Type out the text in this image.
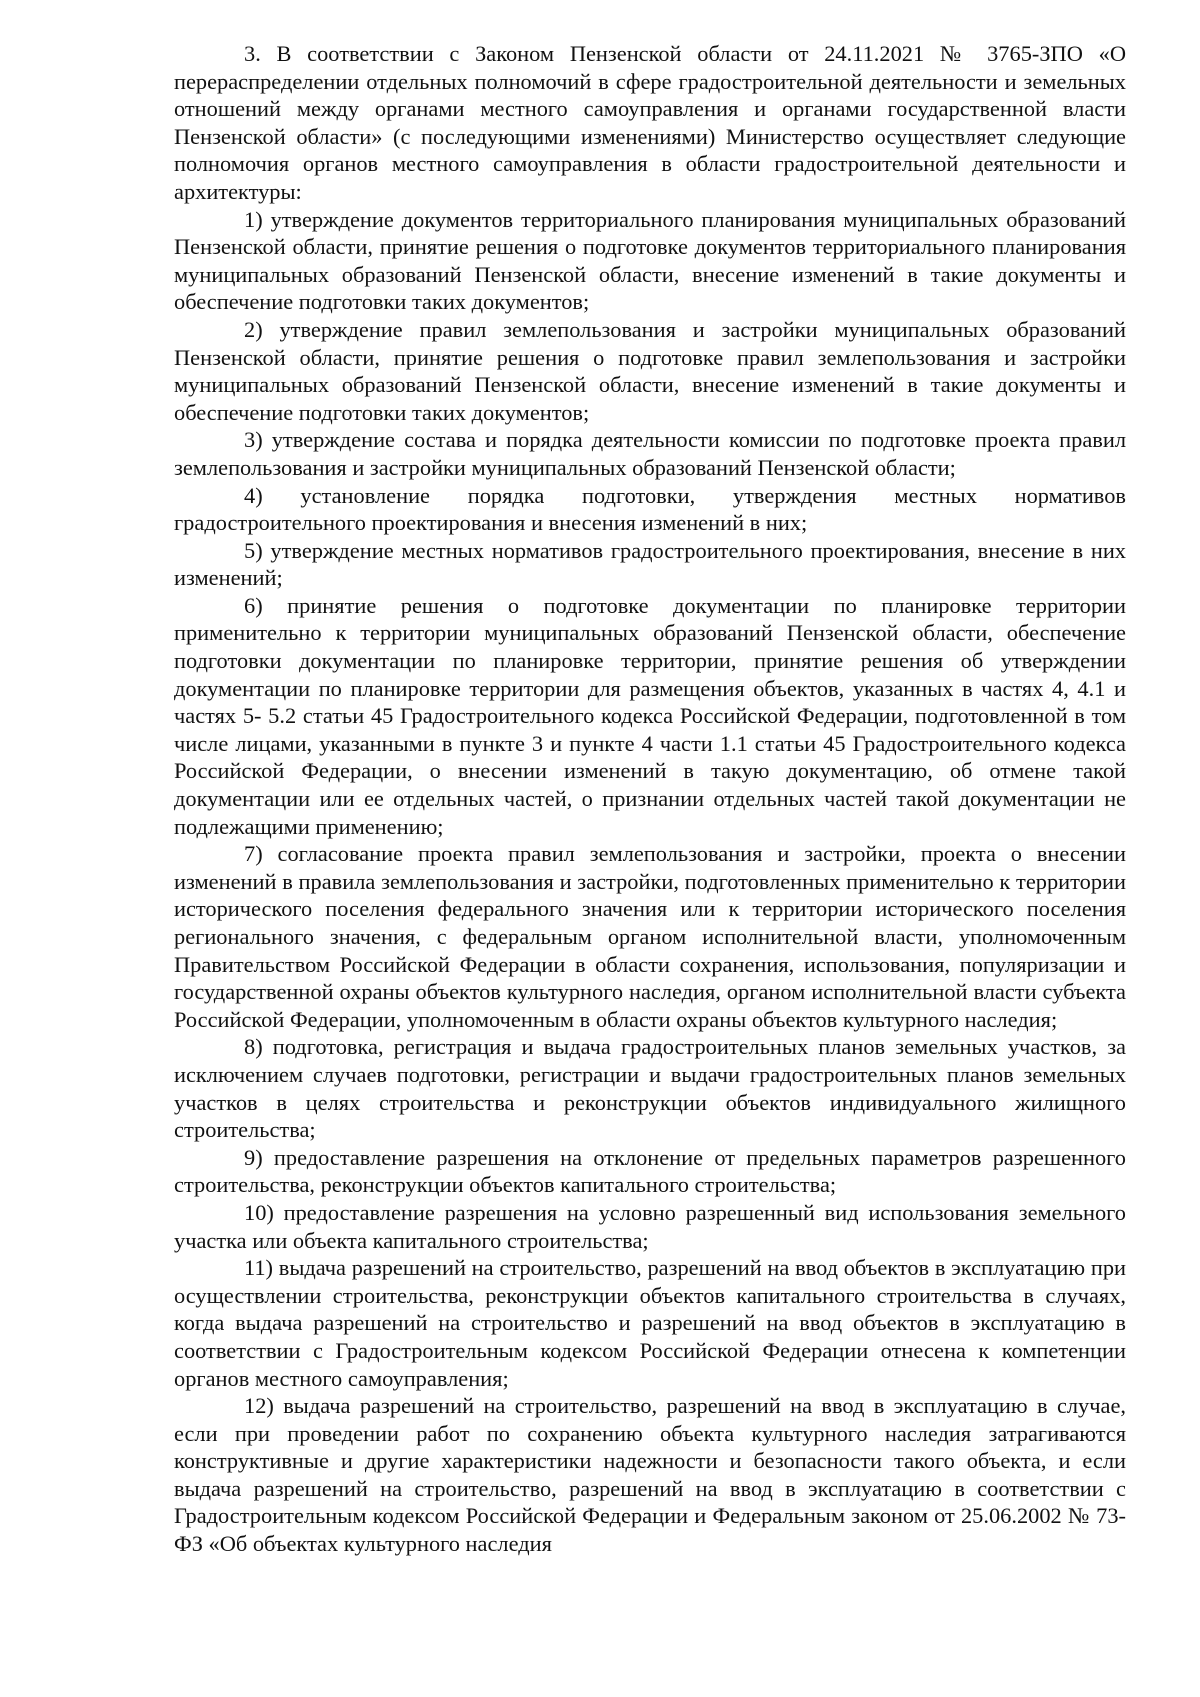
3. В соответствии с Законом Пензенской области от 24.11.2021 № 3765-ЗПО «О перераспределении отдельных полномочий в сфере градостроительной деятельности и земельных отношений между органами местного самоуправления и органами государственной власти Пензенской области» (с последующими изменениями) Министерство осуществляет следующие полномочия органов местного самоуправления в области градостроительной деятельности и архитектуры:

1) утверждение документов территориального планирования муниципальных образований Пензенской области, принятие решения о подготовке документов территориального планирования муниципальных образований Пензенской области, внесение изменений в такие документы и обеспечение подготовки таких документов;

2) утверждение правил землепользования и застройки муниципальных образований Пензенской области, принятие решения о подготовке правил землепользования и застройки муниципальных образований Пензенской области, внесение изменений в такие документы и обеспечение подготовки таких документов;

3) утверждение состава и порядка деятельности комиссии по подготовке проекта правил землепользования и застройки муниципальных образований Пензенской области;

4) установление порядка подготовки, утверждения местных нормативов градостроительного проектирования и внесения изменений в них;

5) утверждение местных нормативов градостроительного проектирования, внесение в них изменений;

6) принятие решения о подготовке документации по планировке территории применительно к территории муниципальных образований Пензенской области, обеспечение подготовки документации по планировке территории, принятие решения об утверждении документации по планировке территории для размещения объектов, указанных в частях 4, 4.1 и частях 5- 5.2 статьи 45 Градостроительного кодекса Российской Федерации, подготовленной в том числе лицами, указанными в пункте 3 и пункте 4 части 1.1 статьи 45 Градостроительного кодекса Российской Федерации, о внесении изменений в такую документацию, об отмене такой документации или ее отдельных частей, о признании отдельных частей такой документации не подлежащими применению;

7) согласование проекта правил землепользования и застройки, проекта о внесении изменений в правила землепользования и застройки, подготовленных применительно к территории исторического поселения федерального значения или к территории исторического поселения регионального значения, с федеральным органом исполнительной власти, уполномоченным Правительством Российской Федерации в области сохранения, использования, популяризации и государственной охраны объектов культурного наследия, органом исполнительной власти субъекта Российской Федерации, уполномоченным в области охраны объектов культурного наследия;

8) подготовка, регистрация и выдача градостроительных планов земельных участков, за исключением случаев подготовки, регистрации и выдачи градостроительных планов земельных участков в целях строительства и реконструкции объектов индивидуального жилищного строительства;

9) предоставление разрешения на отклонение от предельных параметров разрешенного строительства, реконструкции объектов капитального строительства;

10) предоставление разрешения на условно разрешенный вид использования земельного участка или объекта капитального строительства;

11) выдача разрешений на строительство, разрешений на ввод объектов в эксплуатацию при осуществлении строительства, реконструкции объектов капитального строительства в случаях, когда выдача разрешений на строительство и разрешений на ввод объектов в эксплуатацию в соответствии с Градостроительным кодексом Российской Федерации отнесена к компетенции органов местного самоуправления;

12) выдача разрешений на строительство, разрешений на ввод в эксплуатацию в случае, если при проведении работ по сохранению объекта культурного наследия затрагиваются конструктивные и другие характеристики надежности и безопасности такого объекта, и если выдача разрешений на строительство, разрешений на ввод в эксплуатацию в соответствии с Градостроительным кодексом Российской Федерации и Федеральным законом от 25.06.2002 № 73-ФЗ «Об объектах культурного наследия
